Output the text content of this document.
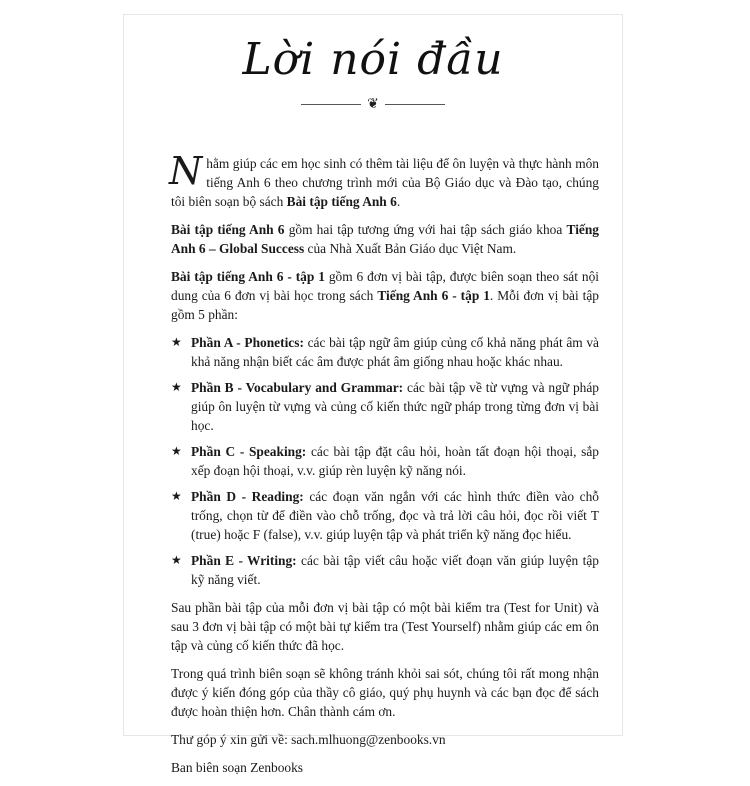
Lời nói đầu
❦

Nhằm giúp các em học sinh có thêm tài liệu để ôn luyện và thực hành môn tiếng Anh 6 theo chương trình mới của Bộ Giáo dục và Đào tạo, chúng tôi biên soạn bộ sách Bài tập tiếng Anh 6.

Bài tập tiếng Anh 6 gồm hai tập tương ứng với hai tập sách giáo khoa Tiếng Anh 6 – Global Success của Nhà Xuất Bản Giáo dục Việt Nam.

Bài tập tiếng Anh 6 - tập 1 gồm 6 đơn vị bài tập, được biên soạn theo sát nội dung của 6 đơn vị bài học trong sách Tiếng Anh 6 - tập 1. Mỗi đơn vị bài tập gồm 5 phần:

★ Phần A - Phonetics: các bài tập ngữ âm giúp củng cố khả năng phát âm và khả năng nhận biết các âm được phát âm giống nhau hoặc khác nhau.
★ Phần B - Vocabulary and Grammar: các bài tập về từ vựng và ngữ pháp giúp ôn luyện từ vựng và củng cố kiến thức ngữ pháp trong từng đơn vị bài học.
★ Phần C - Speaking: các bài tập đặt câu hỏi, hoàn tất đoạn hội thoại, sắp xếp đoạn hội thoại, v.v. giúp rèn luyện kỹ năng nói.
★ Phần D - Reading: các đoạn văn ngắn với các hình thức điền vào chỗ trống, chọn từ để điền vào chỗ trống, đọc và trả lời câu hỏi, đọc rồi viết T (true) hoặc F (false), v.v. giúp luyện tập và phát triển kỹ năng đọc hiểu.
★ Phần E - Writing: các bài tập viết câu hoặc viết đoạn văn giúp luyện tập kỹ năng viết.

Sau phần bài tập của mỗi đơn vị bài tập có một bài kiểm tra (Test for Unit) và sau 3 đơn vị bài tập có một bài tự kiểm tra (Test Yourself) nhằm giúp các em ôn tập và củng cố kiến thức đã học.

Trong quá trình biên soạn sẽ không tránh khỏi sai sót, chúng tôi rất mong nhận được ý kiến đóng góp của thầy cô giáo, quý phụ huynh và các bạn đọc để sách được hoàn thiện hơn. Chân thành cám ơn.

Thư góp ý xin gửi về: sach.mlhuong@zenbooks.vn

Ban biên soạn Zenbooks
